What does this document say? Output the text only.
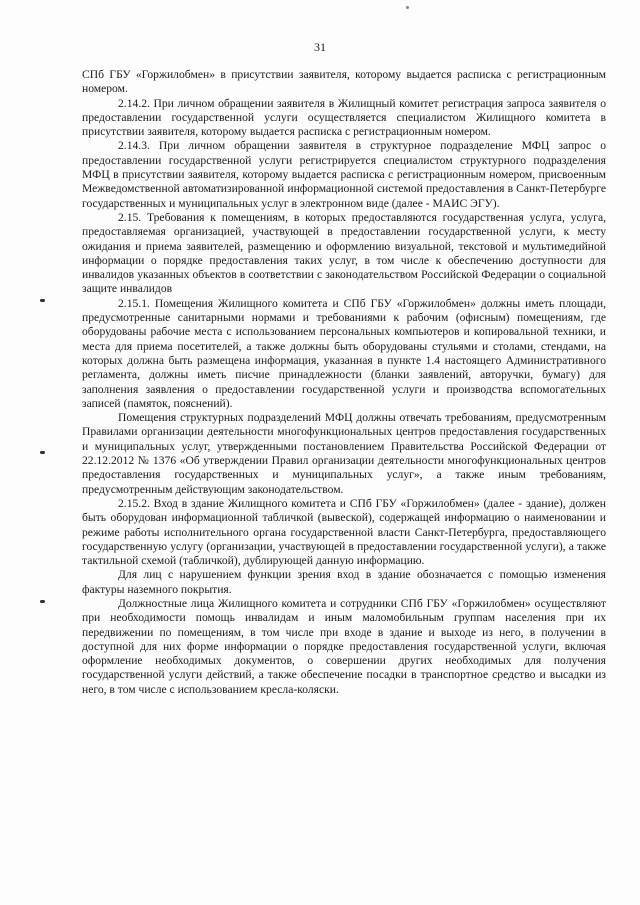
31

СПб ГБУ «Горжилобмен» в присутствии заявителя, которому выдается расписка с регистрационным номером.

2.14.2. При личном обращении заявителя в Жилищный комитет регистрация запроса заявителя о предоставлении государственной услуги осуществляется специалистом Жилищного комитета в присутствии заявителя, которому выдается расписка с регистрационным номером.

2.14.3. При личном обращении заявителя в структурное подразделение МФЦ запрос о предоставлении государственной услуги регистрируется специалистом структурного подразделения МФЦ в присутствии заявителя, которому выдается расписка с регистрационным номером, присвоенным Межведомственной автоматизированной информационной системой предоставления в Санкт-Петербурге государственных и муниципальных услуг в электронном виде (далее - МАИС ЭГУ).

2.15. Требования к помещениям, в которых предоставляются государственная услуга, услуга, предоставляемая организацией, участвующей в предоставлении государственной услуги, к месту ожидания и приема заявителей, размещению и оформлению визуальной, текстовой и мультимедийной информации о порядке предоставления таких услуг, в том числе к обеспечению доступности для инвалидов указанных объектов в соответствии с законодательством Российской Федерации о социальной защите инвалидов

2.15.1. Помещения Жилищного комитета и СПб ГБУ «Горжилобмен» должны иметь площади, предусмотренные санитарными нормами и требованиями к рабочим (офисным) помещениям, где оборудованы рабочие места с использованием персональных компьютеров и копировальной техники, и места для приема посетителей, а также должны быть оборудованы стульями и столами, стендами, на которых должна быть размещена информация, указанная в пункте 1.4 настоящего Административного регламента, должны иметь писчие принадлежности (бланки заявлений, авторучки, бумагу) для заполнения заявления о предоставлении государственной услуги и производства вспомогательных записей (памяток, пояснений).

Помещения структурных подразделений МФЦ должны отвечать требованиям, предусмотренным Правилами организации деятельности многофункциональных центров предоставления государственных и муниципальных услуг, утвержденными постановлением Правительства Российской Федерации от 22.12.2012 № 1376 «Об утверждении Правил организации деятельности многофункциональных центров предоставления государственных и муниципальных услуг», а также иным требованиям, предусмотренным действующим законодательством.

2.15.2. Вход в здание Жилищного комитета и СПб ГБУ «Горжилобмен» (далее - здание), должен быть оборудован информационной табличкой (вывеской), содержащей информацию о наименовании и режиме работы исполнительного органа государственной власти Санкт-Петербурга, предоставляющего государственную услугу (организации, участвующей в предоставлении государственной услуги), а также тактильной схемой (табличкой), дублирующей данную информацию.

Для лиц с нарушением функции зрения вход в здание обозначается с помощью изменения фактуры наземного покрытия.

Должностные лица Жилищного комитета и сотрудники СПб ГБУ «Горжилобмен» осуществляют при необходимости помощь инвалидам и иным маломобильным группам населения при их передвижении по помещениям, в том числе при входе в здание и выходе из него, в получении в доступной для них форме информации о порядке предоставления государственной услуги, включая оформление необходимых документов, о совершении других необходимых для получения государственной услуги действий, а также обеспечение посадки в транспортное средство и высадки из него, в том числе с использованием кресла-коляски.
